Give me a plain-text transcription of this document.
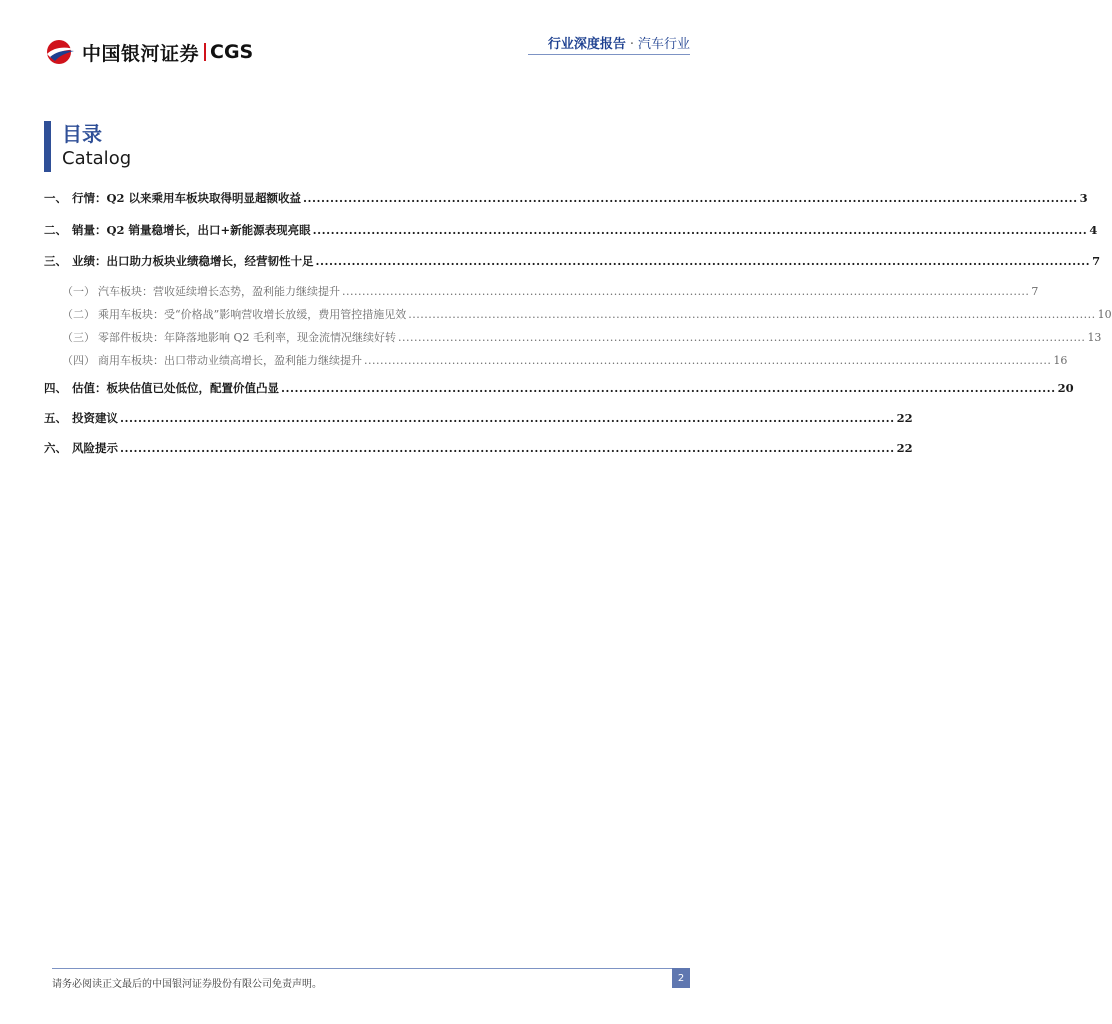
中国银河证券 CGS	行业深度报告 · 汽车行业
目录
Catalog
一、 行情：Q2 以来乘用车板块取得明显超额收益 ............................................................................................................................................................................ 3
二、 销量：Q2 销量稳增长，出口+新能源表现亮眼 ............................................................................................................................................................................ 4
三、 业绩：出口助力板块业绩稳增长，经营韧性十足 ............................................................................................................................................................................ 7
（一） 汽车板块：营收延续增长态势，盈利能力继续提升 ............................................................................................................................................................................ 7
（二） 乘用车板块：受“价格战”影响营收增长放缓，费用管控措施见效 ............................................................................................................................................................................ 10
（三） 零部件板块：年降落地影响 Q2 毛利率，现金流情况继续好转 ............................................................................................................................................................................ 13
（四） 商用车板块：出口带动业绩高增长，盈利能力继续提升 ............................................................................................................................................................................ 16
四、 估值：板块估值已处低位，配置价值凸显 ............................................................................................................................................................................ 20
五、 投资建议 ............................................................................................................................................................................ 22
六、 风险提示 ............................................................................................................................................................................ 22
请务必阅读正文最后的中国银河证券股份有限公司免责声明。
2
